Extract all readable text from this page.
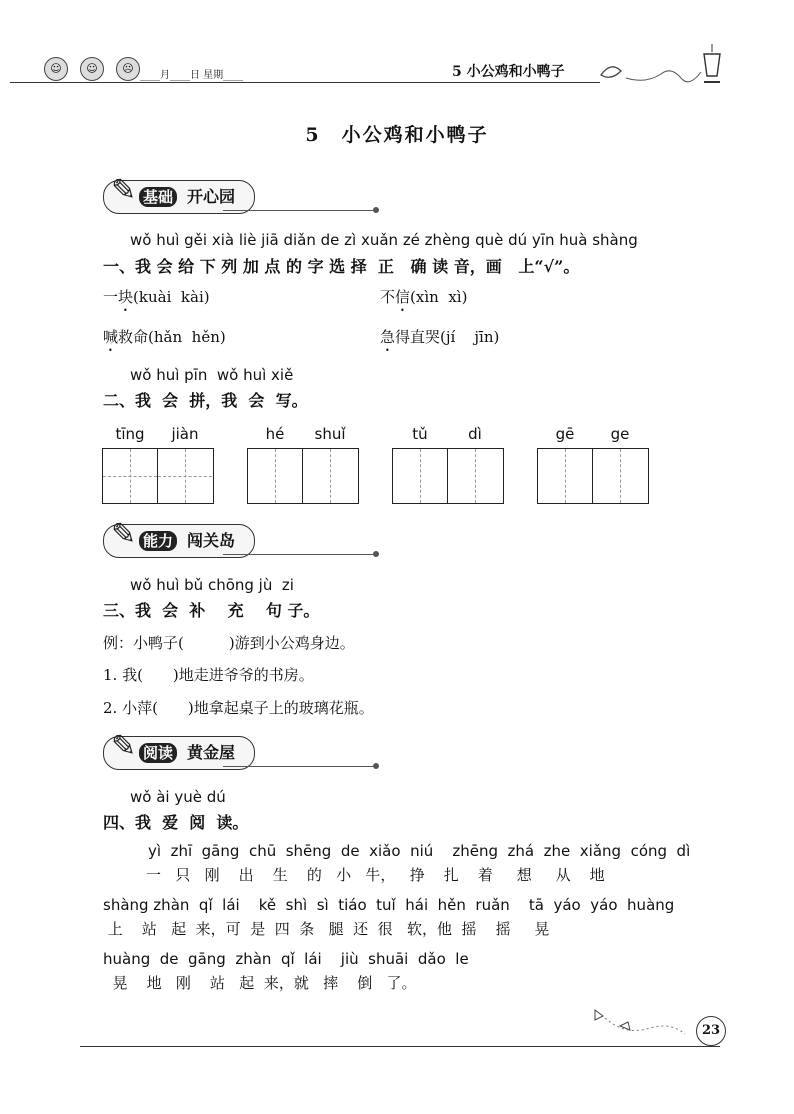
☺	☺	☹
____月____日 星期____	5 小公鸡和小鸭子
5　小公鸡和小鸭子
✎ 基础 开心园
wǒ huì gěi xià liè jiā diǎn de zì xuǎn zé zhèng què dú yīn huà shàng
一、我 会 给 下 列 加 点 的 字 选 择  正   确 读 音，画   上“√”。
一块(kuài  kài)	不信(xìn  xì)
喊救命(hǎn  hěn)	急得直哭(jí    jīn)
wǒ huì pīn  wǒ huì xiě
二、我  会  拼，我  会  写。
tīng	jiàn	hé	shuǐ	tǔ	dì	gē	ge
✎ 能力 闯关岛
wǒ huì bǔ chōng jù  zi
三、我  会  补    充    句 子。
例：小鸭子(　　　)游到小公鸡身边。
1. 我(　　)地走进爷爷的书房。
2. 小萍(　　)地拿起桌子上的玻璃花瓶。
✎ 阅读 黄金屋
wǒ ài yuè dú
四、我  爱  阅  读。
yì  zhī  gāng  chū  shēng  de  xiǎo  niú    zhēng  zhá  zhe  xiǎng  cóng  dì
一   只   刚    出    生    的   小   牛，   挣    扎    着     想     从    地
shàng zhàn  qǐ  lái    kě  shì  sì  tiáo  tuǐ  hái  hěn  ruǎn    tā  yáo  yáo  huàng
上    站   起  来，可  是  四  条   腿  还  很   软，他  摇    摇     晃
huàng  de  gāng  zhàn  qǐ  lái    jiù  shuāi  dǎo  le
晃    地   刚    站   起  来，就   摔    倒   了。
23
